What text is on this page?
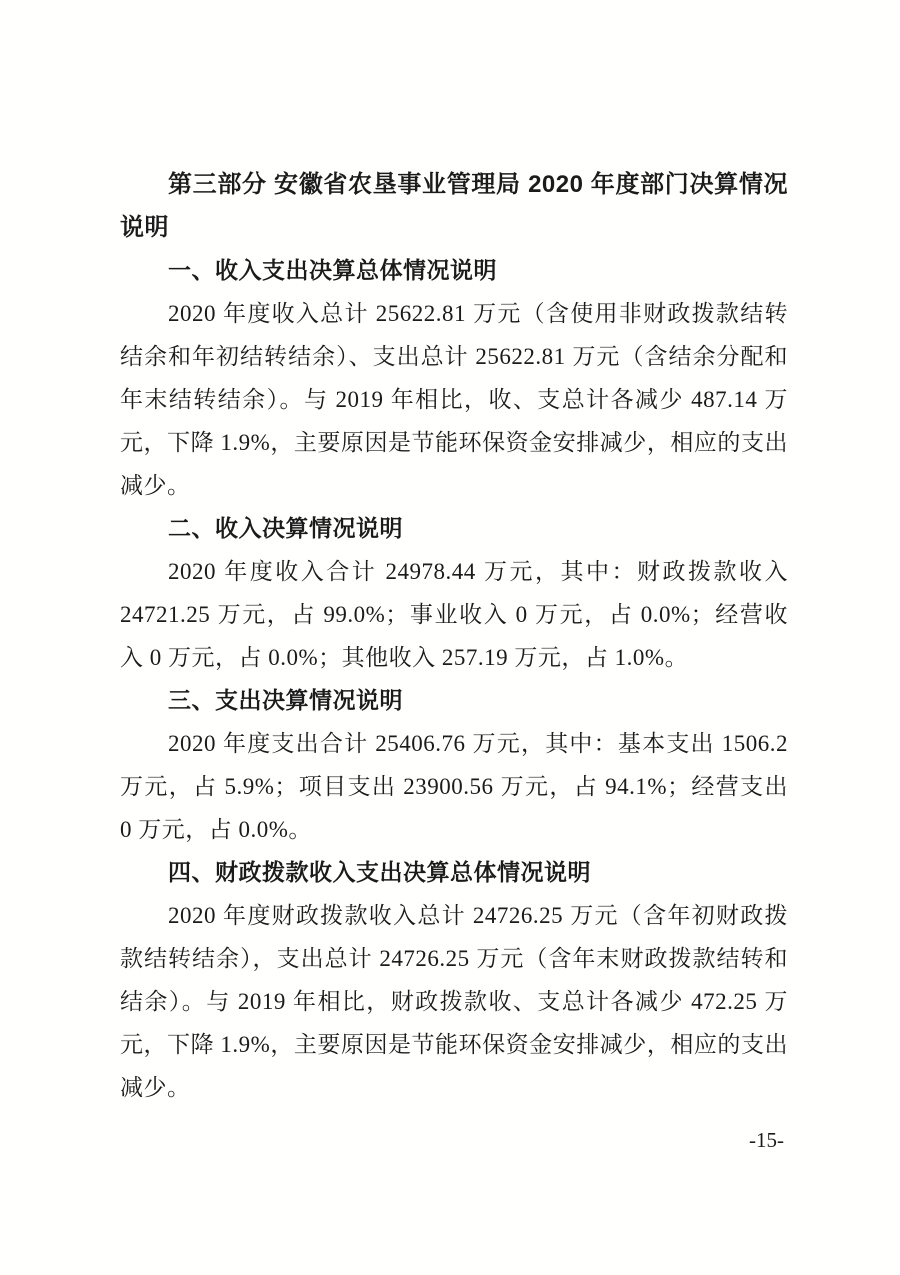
第三部分 安徽省农垦事业管理局 2020 年度部门决算情况说明

一、收入支出决算总体情况说明

2020 年度收入总计 25622.81 万元（含使用非财政拨款结转结余和年初结转结余）、支出总计 25622.81 万元（含结余分配和年末结转结余）。与 2019 年相比，收、支总计各减少 487.14 万元，下降 1.9%，主要原因是节能环保资金安排减少，相应的支出减少。

二、收入决算情况说明

2020 年度收入合计 24978.44 万元，其中：财政拨款收入 24721.25 万元，占 99.0%；事业收入 0 万元，占 0.0%；经营收入 0 万元，占 0.0%；其他收入 257.19 万元，占 1.0%。

三、支出决算情况说明

2020 年度支出合计 25406.76 万元，其中：基本支出 1506.2 万元，占 5.9%；项目支出 23900.56 万元，占 94.1%；经营支出 0 万元，占 0.0%。

四、财政拨款收入支出决算总体情况说明

2020 年度财政拨款收入总计 24726.25 万元（含年初财政拨款结转结余），支出总计 24726.25 万元（含年末财政拨款结转和结余）。与 2019 年相比，财政拨款收、支总计各减少 472.25 万元，下降 1.9%，主要原因是节能环保资金安排减少，相应的支出减少。

-15-
